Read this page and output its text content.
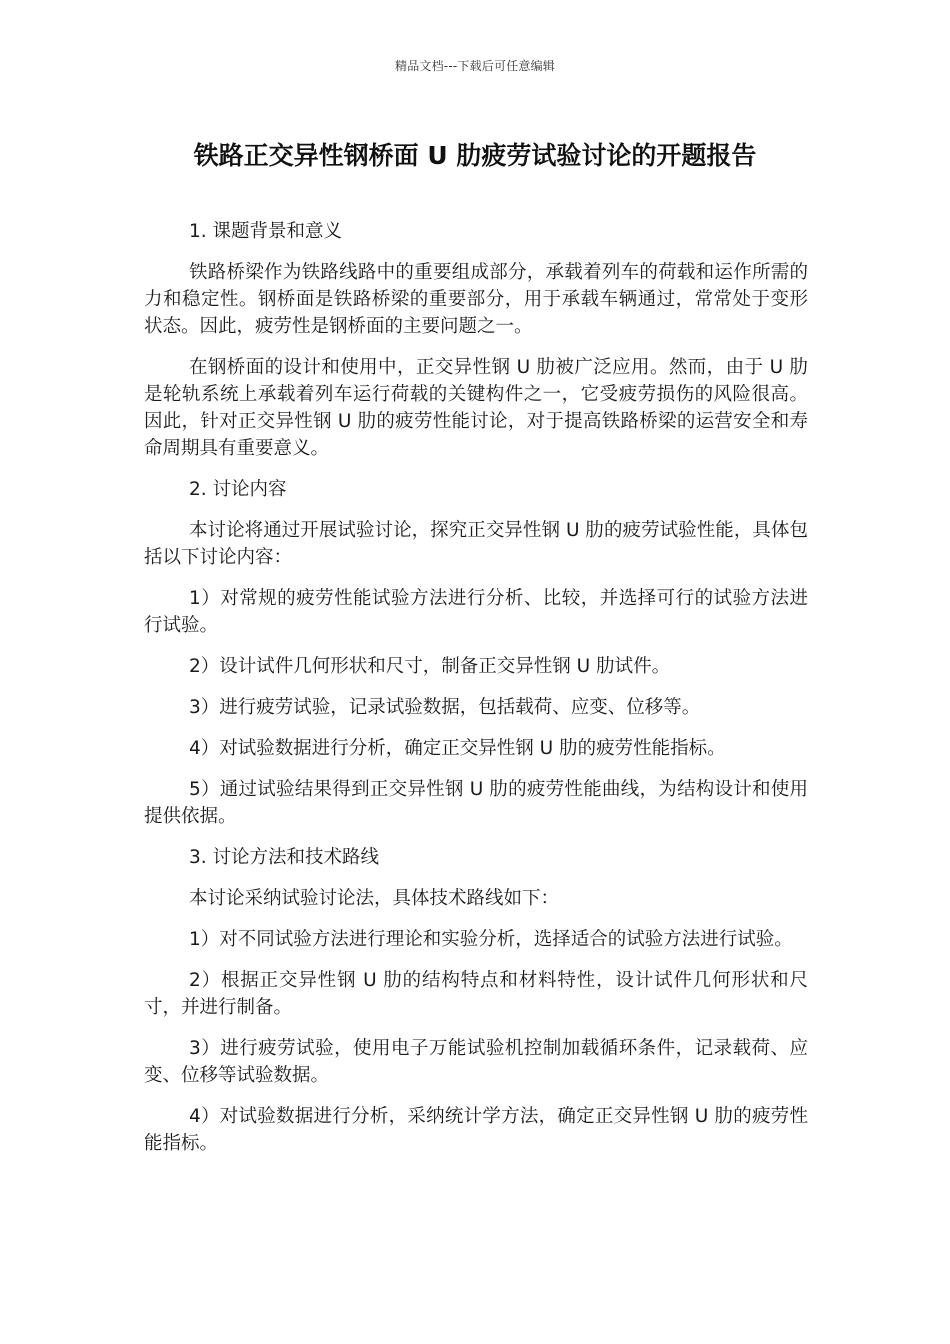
精品文档---下载后可任意编辑
铁路正交异性钢桥面 U 肋疲劳试验讨论的开题报告

1. 课题背景和意义

铁路桥梁作为铁路线路中的重要组成部分，承载着列车的荷载和运作所需的力和稳定性。钢桥面是铁路桥梁的重要部分，用于承载车辆通过，常常处于变形状态。因此，疲劳性是钢桥面的主要问题之一。

在钢桥面的设计和使用中，正交异性钢 U 肋被广泛应用。然而，由于 U 肋是轮轨系统上承载着列车运行荷载的关键构件之一，它受疲劳损伤的风险很高。因此，针对正交异性钢 U 肋的疲劳性能讨论，对于提高铁路桥梁的运营安全和寿命周期具有重要意义。

2. 讨论内容

本讨论将通过开展试验讨论，探究正交异性钢 U 肋的疲劳试验性能，具体包括以下讨论内容：

1）对常规的疲劳性能试验方法进行分析、比较，并选择可行的试验方法进行试验。

2）设计试件几何形状和尺寸，制备正交异性钢 U 肋试件。

3）进行疲劳试验，记录试验数据，包括载荷、应变、位移等。

4）对试验数据进行分析，确定正交异性钢 U 肋的疲劳性能指标。

5）通过试验结果得到正交异性钢 U 肋的疲劳性能曲线，为结构设计和使用提供依据。

3. 讨论方法和技术路线

本讨论采纳试验讨论法，具体技术路线如下：

1）对不同试验方法进行理论和实验分析，选择适合的试验方法进行试验。

2）根据正交异性钢 U 肋的结构特点和材料特性，设计试件几何形状和尺寸，并进行制备。

3）进行疲劳试验，使用电子万能试验机控制加载循环条件，记录载荷、应变、位移等试验数据。

4）对试验数据进行分析，采纳统计学方法，确定正交异性钢 U 肋的疲劳性能指标。
